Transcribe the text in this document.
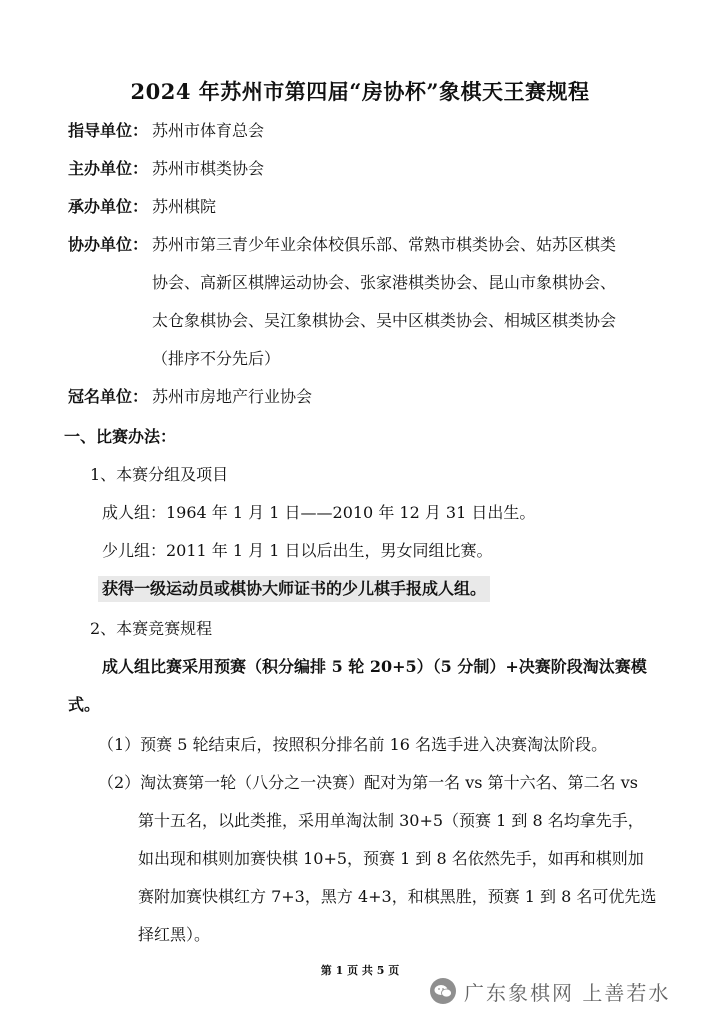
2024 年苏州市第四届“房协杯”象棋天王赛规程
指导单位： 苏州市体育总会
主办单位： 苏州市棋类协会
承办单位： 苏州棋院
协办单位： 苏州市第三青少年业余体校俱乐部、常熟市棋类协会、姑苏区棋类
协会、高新区棋牌运动协会、张家港棋类协会、昆山市象棋协会、
太仓象棋协会、吴江象棋协会、吴中区棋类协会、相城区棋类协会
（排序不分先后）
冠名单位： 苏州市房地产行业协会
一、比赛办法：
1、本赛分组及项目
成人组：1964 年 1 月 1 日——2010 年 12 月 31 日出生。
少儿组：2011 年 1 月 1 日以后出生，男女同组比赛。
获得一级运动员或棋协大师证书的少儿棋手报成人组。
2、本赛竞赛规程
成人组比赛采用预赛（积分编排 5 轮 20+5）（5 分制）+决赛阶段淘汰赛模
式。
（1）预赛 5 轮结束后，按照积分排名前 16 名选手进入决赛淘汰阶段。
（2）淘汰赛第一轮（八分之一决赛）配对为第一名 vs 第十六名、第二名 vs
第十五名，以此类推，采用单淘汰制 30+5（预赛 1 到 8 名均拿先手，
如出现和棋则加赛快棋 10+5，预赛 1 到 8 名依然先手，如再和棋则加
赛附加赛快棋红方 7+3，黑方 4+3，和棋黑胜，预赛 1 到 8 名可优先选
择红黑）。
第 1 页 共 5 页
广东象棋网 上善若水
